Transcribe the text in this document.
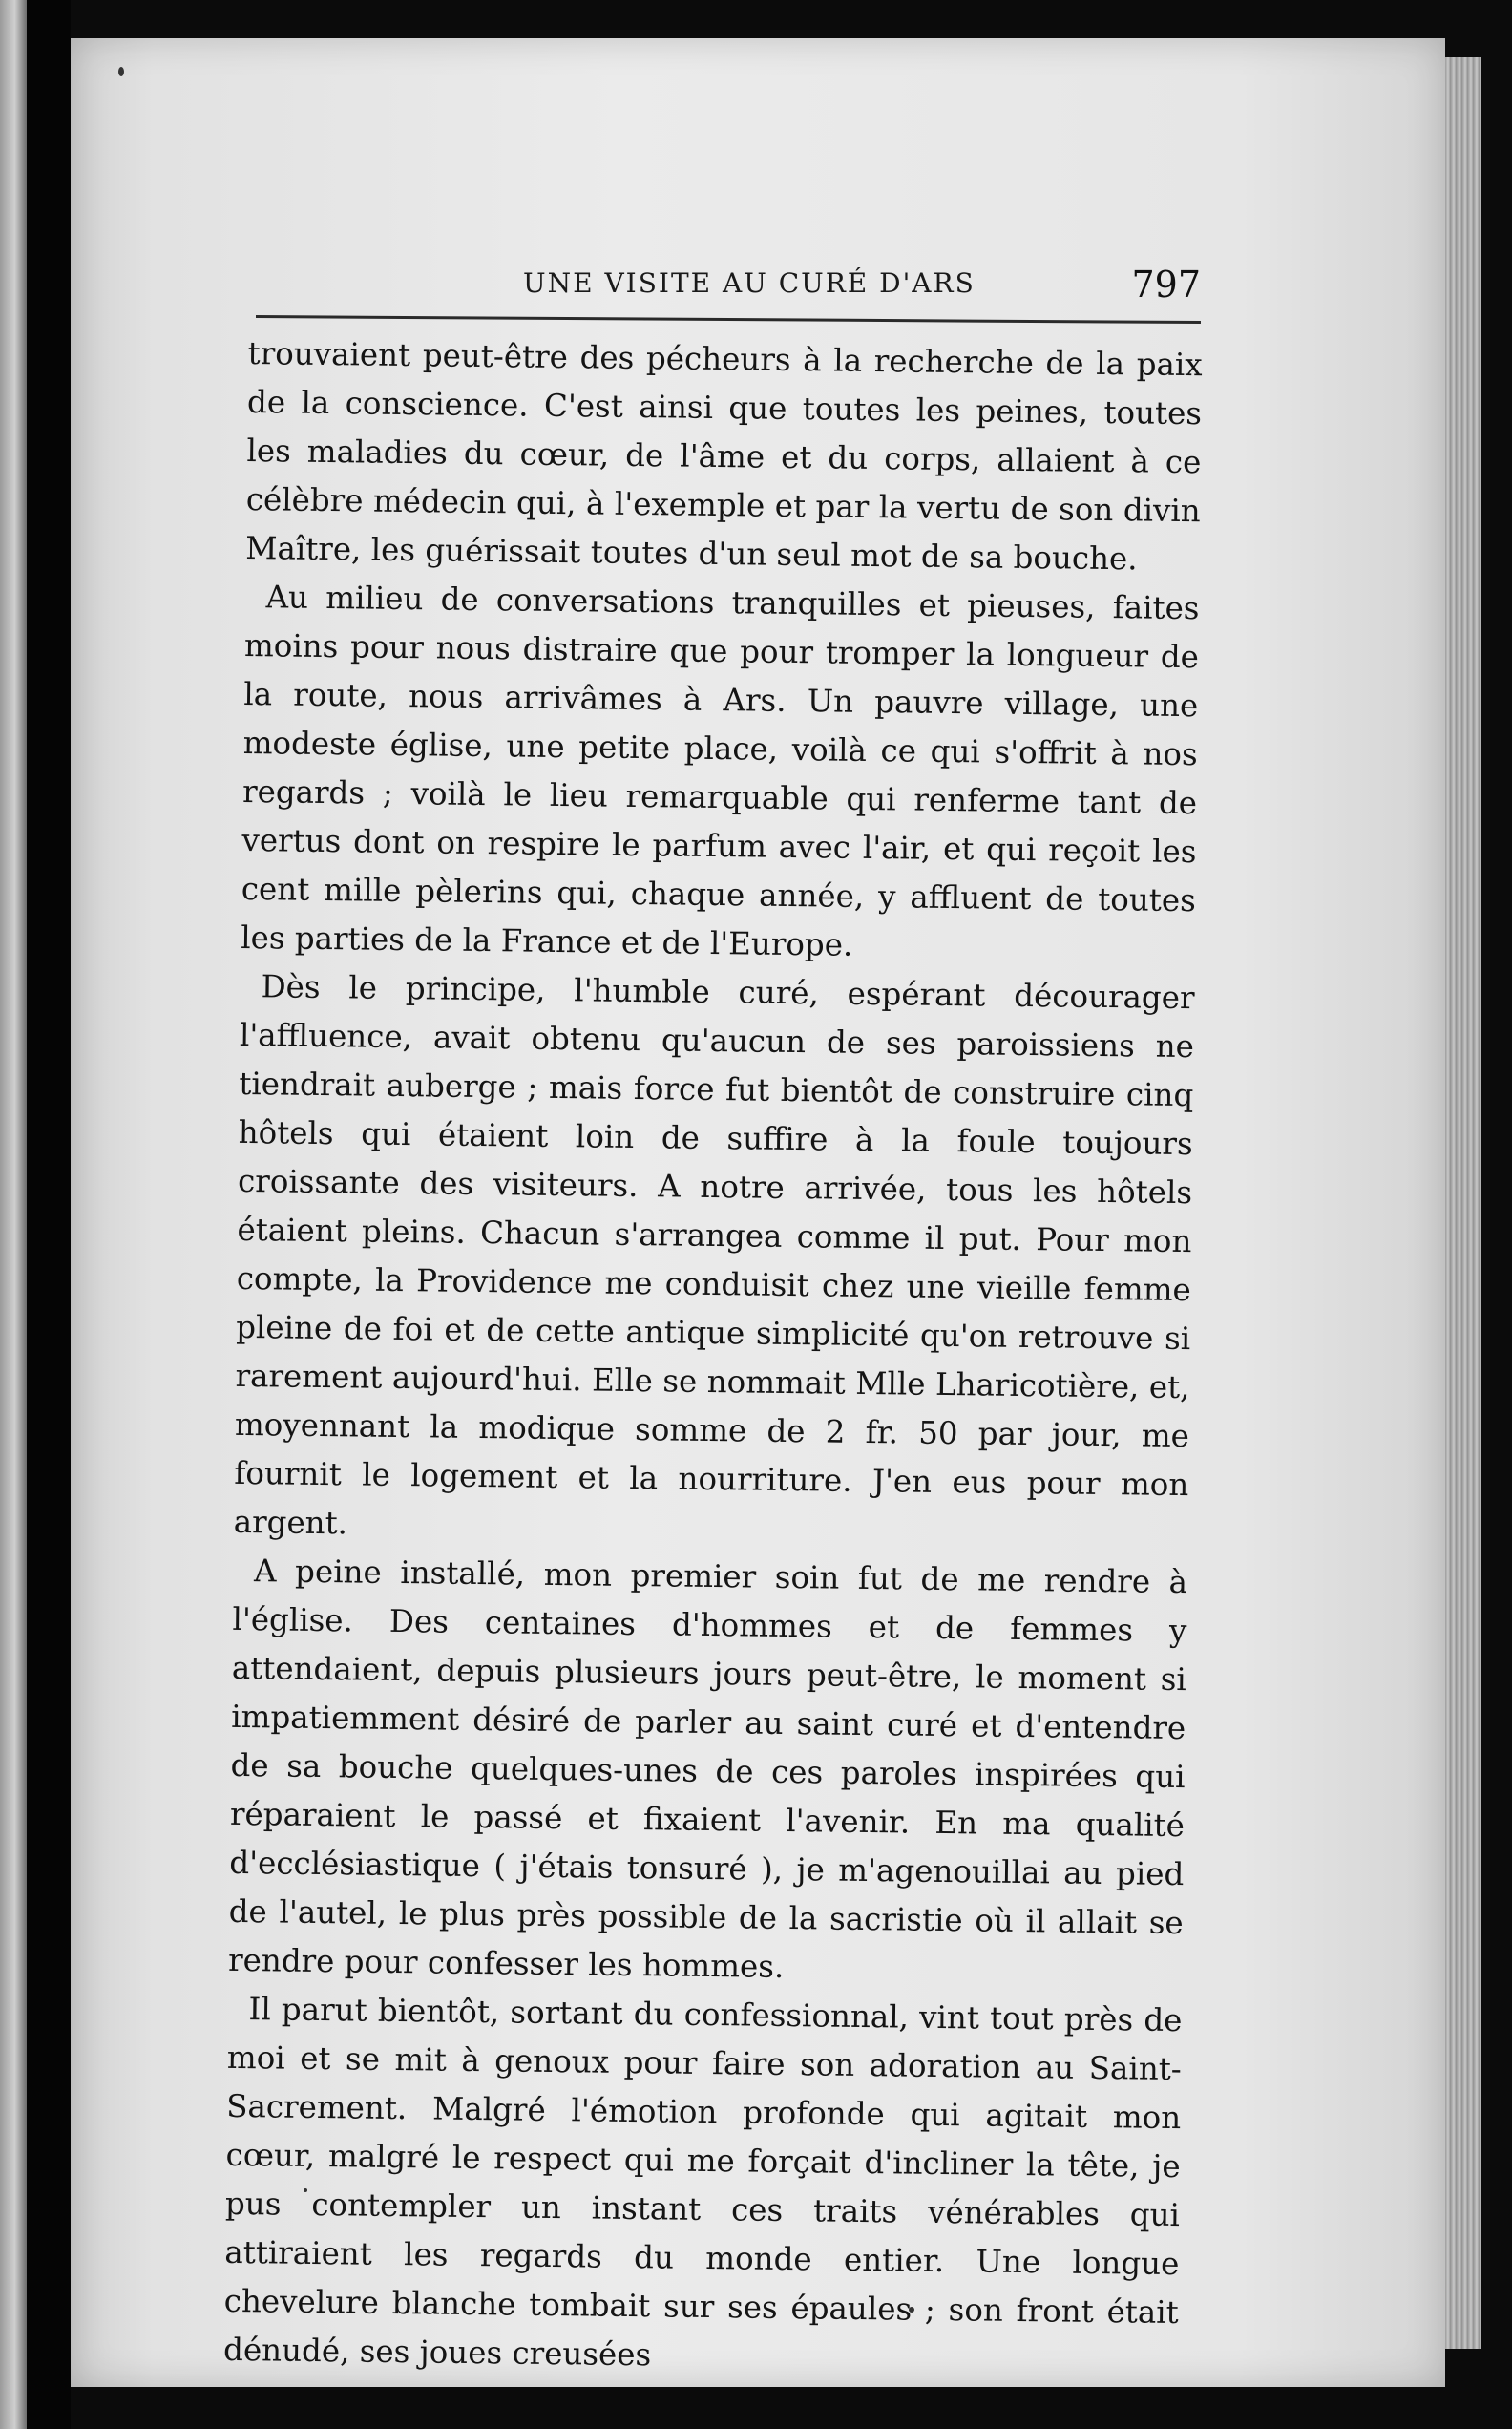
UNE VISITE AU CURÉ D'ARS	797

trouvaient peut-être des pécheurs à la recherche de la paix de la conscience. C'est ainsi que toutes les peines, toutes les maladies du cœur, de l'âme et du corps, allaient à ce célèbre médecin qui, à l'exemple et par la vertu de son divin Maître, les guérissait toutes d'un seul mot de sa bouche.

Au milieu de conversations tranquilles et pieuses, faites moins pour nous distraire que pour tromper la longueur de la route, nous arrivâmes à Ars. Un pauvre village, une modeste église, une petite place, voilà ce qui s'offrit à nos regards ; voilà le lieu remarquable qui renferme tant de vertus dont on respire le parfum avec l'air, et qui reçoit les cent mille pèlerins qui, chaque année, y affluent de toutes les parties de la France et de l'Europe.

Dès le principe, l'humble curé, espérant décourager l'affluence, avait obtenu qu'aucun de ses paroissiens ne tiendrait auberge ; mais force fut bientôt de construire cinq hôtels qui étaient loin de suffire à la foule toujours croissante des visiteurs. A notre arrivée, tous les hôtels étaient pleins. Chacun s'arrangea comme il put. Pour mon compte, la Providence me conduisit chez une vieille femme pleine de foi et de cette antique simplicité qu'on retrouve si rarement aujourd'hui. Elle se nommait Mlle Lharicotière, et, moyennant la modique somme de 2 fr. 50 par jour, me fournit le logement et la nourriture. J'en eus pour mon argent.

A peine installé, mon premier soin fut de me rendre à l'église. Des centaines d'hommes et de femmes y attendaient, depuis plusieurs jours peut-être, le moment si impatiemment désiré de parler au saint curé et d'entendre de sa bouche quelques-unes de ces paroles inspirées qui réparaient le passé et fixaient l'avenir. En ma qualité d'ecclésiastique ( j'étais tonsuré ), je m'agenouillai au pied de l'autel, le plus près possible de la sacristie où il allait se rendre pour confesser les hommes.

Il parut bientôt, sortant du confessionnal, vint tout près de moi et se mit à genoux pour faire son adoration au Saint-Sacrement. Malgré l'émotion profonde qui agitait mon cœur, malgré le respect qui me forçait d'incliner la tête, je pus contempler un instant ces traits vénérables qui attiraient les regards du monde entier. Une longue chevelure blanche tombait sur ses épaules ; son front était dénudé, ses joues creusées
